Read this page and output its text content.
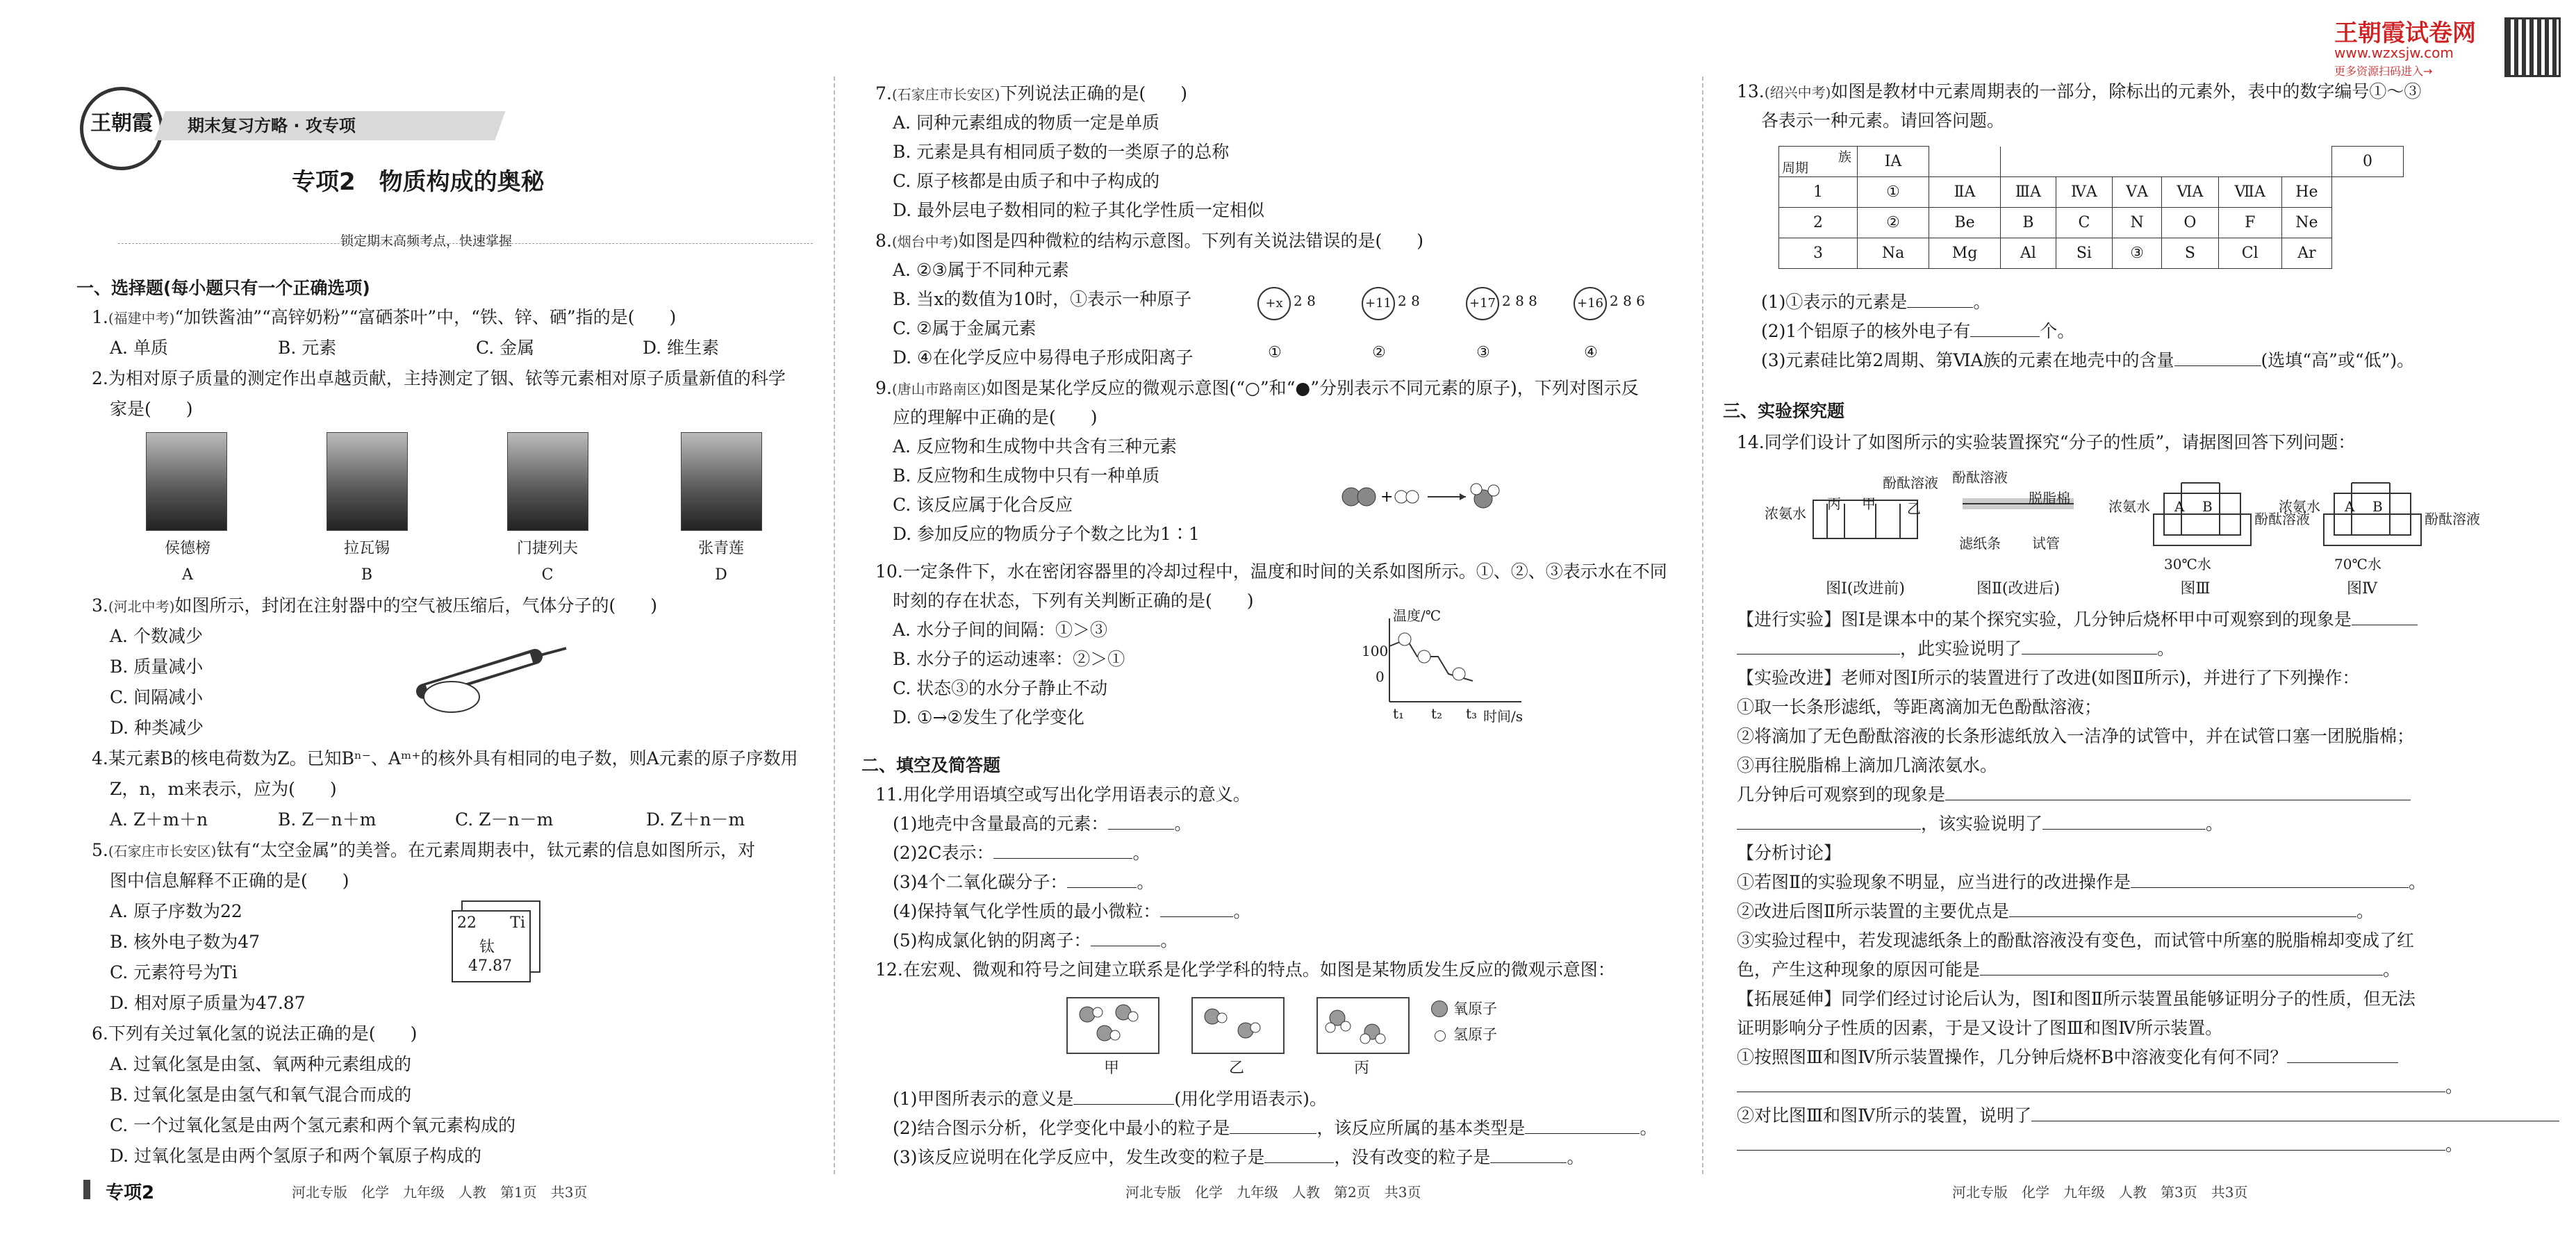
王朝霞	期末复习方略 · 攻专项
专项2　物质构成的奥秘
锁定期末高频考点，快速掌握
一、选择题(每小题只有一个正确选项)
1.(福建中考)“加铁酱油”“高锌奶粉”“富硒茶叶”中，“铁、锌、硒”指的是(　　)
A. 单质	B. 元素	C. 金属	D. 维生素
2.为相对原子质量的测定作出卓越贡献，主持测定了铟、铱等元素相对原子质量新值的科学
家是(　　)
侯德榜	拉瓦锡	门捷列夫	张青莲
A	B	C	D
3.(河北中考)如图所示，封闭在注射器中的空气被压缩后，气体分子的(　　)
A. 个数减少
B. 质量减小
C. 间隔减小
D. 种类减少
4.某元素B的核电荷数为Z。已知Bⁿ⁻、Aᵐ⁺的核外具有相同的电子数，则A元素的原子序数用
Z，n，m来表示，应为(　　)
A. Z＋m＋n	B. Z－n＋m	C. Z－n－m	D. Z＋n－m
5.(石家庄市长安区)钛有“太空金属”的美誉。在元素周期表中，钛元素的信息如图所示，对
图中信息解释不正确的是(　　)
A. 原子序数为22
B. 核外电子数为47
C. 元素符号为Ti
D. 相对原子质量为47.87
22 Ti
钛
47.87
6.下列有关过氧化氢的说法正确的是(　　)
A. 过氧化氢是由氢、氧两种元素组成的
B. 过氧化氢是由氢气和氧气混合而成的
C. 一个过氧化氢是由两个氢元素和两个氧元素构成的
D. 过氧化氢是由两个氢原子和两个氧原子构成的
专项2	河北专版　化学　九年级　人教　第1页　共3页
7.(石家庄市长安区)下列说法正确的是(　　)
A. 同种元素组成的物质一定是单质
B. 元素是具有相同质子数的一类原子的总称
C. 原子核都是由质子和中子构成的
D. 最外层电子数相同的粒子其化学性质一定相似
8.(烟台中考)如图是四种微粒的结构示意图。下列有关说法错误的是(　　)
A. ②③属于不同种元素
B. 当x的数值为10时，①表示一种原子
C. ②属于金属元素
D. ④在化学反应中易得电子形成阳离子
+x 2 8	+11 2 8	+17 2 8 8	+16 2 8 6
①	②	③	④
9.(唐山市路南区)如图是某化学反应的微观示意图(“○”和“●”分别表示不同元素的原子)，下列对图示反
应的理解中正确的是(　　)
A. 反应物和生成物中共含有三种元素
B. 反应物和生成物中只有一种单质
C. 该反应属于化合反应
D. 参加反应的物质分子个数之比为1∶1
+
10.一定条件下，水在密闭容器里的冷却过程中，温度和时间的关系如图所示。①、②、③表示水在不同
时刻的存在状态，下列有关判断正确的是(　　)
A. 水分子间的间隔：①＞③
B. 水分子的运动速率：②＞①
C. 状态③的水分子静止不动
D. ①→②发生了化学变化
温度/℃
100
0
t₁ t₂ t₃ 时间/s
二、填空及简答题
11.用化学用语填空或写出化学用语表示的意义。
(1)地壳中含量最高的元素：	。
(2)2C表示：	。
(3)4个二氧化碳分子：	。
(4)保持氧气化学性质的最小微粒：	。
(5)构成氯化钠的阴离子：	。
12.在宏观、微观和符号之间建立联系是化学学科的特点。如图是某物质发生反应的微观示意图：
甲	乙	丙
氧原子
氢原子
(1)甲图所表示的意义是	(用化学用语表示)。
(2)结合图示分析，化学变化中最小的粒子是	，该反应所属的基本类型是	。
(3)该反应说明在化学反应中，发生改变的粒子是	，没有改变的粒子是	。
河北专版　化学　九年级　人教　第2页　共3页
13.(绍兴中考)如图是教材中元素周期表的一部分，除标出的元素外，表中的数字编号①～③
各表示一种元素。请回答问题。
族
周期	ⅠA								0
1	①	ⅡA	ⅢA	ⅣA	ⅤA	ⅥA	ⅦA	He	
2	②	Be	B	C	N	O	F	Ne	
3	Na	Mg	Al	Si	③	S	Cl	Ar	
(1)①表示的元素是	。
(2)1个铝原子的核外电子有	个。
(3)元素硅比第2周期、第ⅥA族的元素在地壳中的含量	(选填“高”或“低”)。
三、实验探究题
14.同学们设计了如图所示的实验装置探究“分子的性质”，请据图回答下列问题：
浓氨水
丙 甲
酚酞溶液
乙
酚酞溶液
脱脂棉
滤纸条 试管
浓氨水 A B
酚酞溶液
30℃水
浓氨水 A B
酚酞溶液
70℃水
图Ⅰ(改进前)	图Ⅱ(改进后)	图Ⅲ	图Ⅳ
【进行实验】图Ⅰ是课本中的某个探究实验，几分钟后烧杯甲中可观察到的现象是
，此实验说明了	。
【实验改进】老师对图Ⅰ所示的装置进行了改进(如图Ⅱ所示)，并进行了下列操作：
①取一长条形滤纸，等距离滴加无色酚酞溶液；
②将滴加了无色酚酞溶液的长条形滤纸放入一洁净的试管中，并在试管口塞一团脱脂棉；
③再往脱脂棉上滴加几滴浓氨水。
几分钟后可观察到的现象是
，该实验说明了	。
【分析讨论】
①若图Ⅱ的实验现象不明显，应当进行的改进操作是	。
②改进后图Ⅱ所示装置的主要优点是	。
③实验过程中，若发现滤纸条上的酚酞溶液没有变色，而试管中所塞的脱脂棉却变成了红
色，产生这种现象的原因可能是	。
【拓展延伸】同学们经过讨论后认为，图Ⅰ和图Ⅱ所示装置虽能够证明分子的性质，但无法
证明影响分子性质的因素，于是又设计了图Ⅲ和图Ⅳ所示装置。
①按照图Ⅲ和图Ⅳ所示装置操作，几分钟后烧杯B中溶液变化有何不同？
。
②对比图Ⅲ和图Ⅳ所示的装置，说明了
。
河北专版　化学　九年级　人教　第3页　共3页
王朝霞试卷网
www.wzxsjw.com
更多资源扫码进入→
